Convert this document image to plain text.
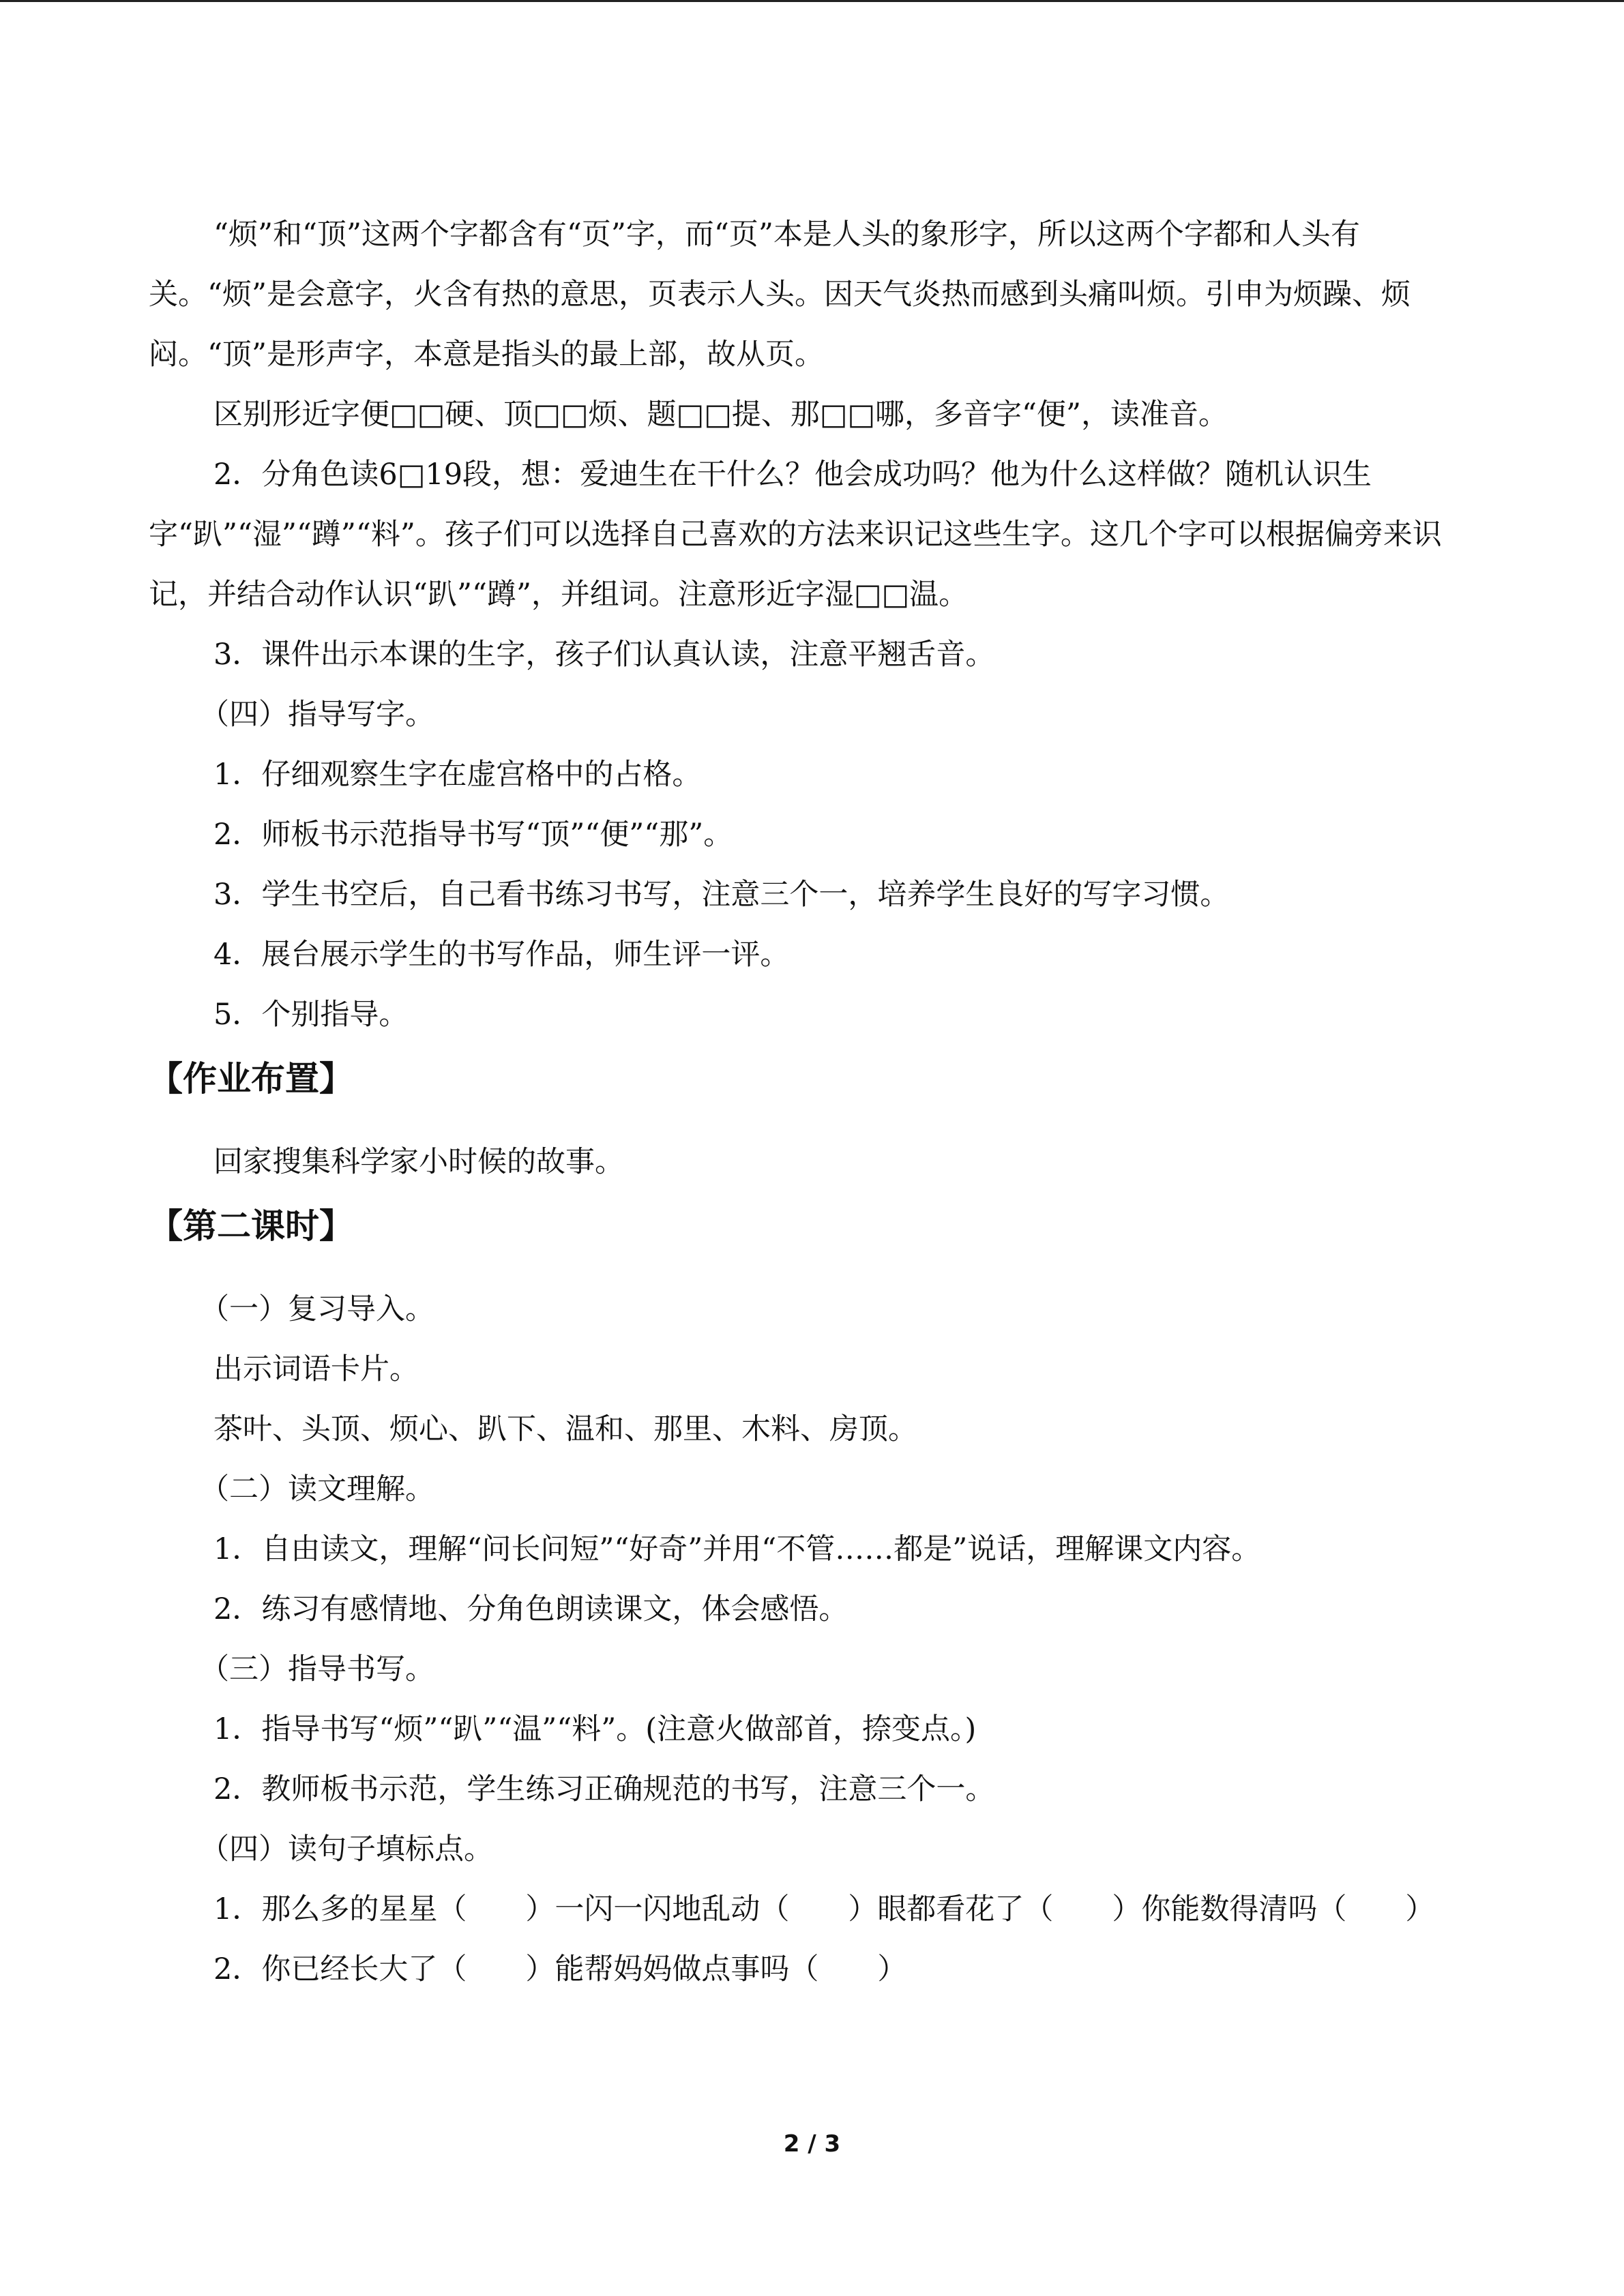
“烦”和“顶”这两个字都含有“页”字，而“页”本是人头的象形字，所以这两个字都和人头有关。“烦”是会意字，火含有热的意思，页表示人头。因天气炎热而感到头痛叫烦。引申为烦躁、烦闷。“顶”是形声字，本意是指头的最上部，故从页。

区别形近字便□□硬、顶□□烦、题□□提、那□□哪，多音字“便”，读准音。

2．分角色读6□19段，想：爱迪生在干什么？他会成功吗？他为什么这样做？随机认识生字“趴”“湿”“蹲”“料”。孩子们可以选择自己喜欢的方法来识记这些生字。这几个字可以根据偏旁来识记，并结合动作认识“趴”“蹲”，并组词。注意形近字湿□□温。

3．课件出示本课的生字，孩子们认真认读，注意平翘舌音。

（四）指导写字。

1．仔细观察生字在虚宫格中的占格。

2．师板书示范指导书写“顶”“便”“那”。

3．学生书空后，自己看书练习书写，注意三个一，培养学生良好的写字习惯。

4．展台展示学生的书写作品，师生评一评。

5．个别指导。

【作业布置】

回家搜集科学家小时候的故事。

【第二课时】

（一）复习导入。

出示词语卡片。

茶叶、头顶、烦心、趴下、温和、那里、木料、房顶。

（二）读文理解。

1．自由读文，理解“问长问短”“好奇”并用“不管……都是”说话，理解课文内容。

2．练习有感情地、分角色朗读课文，体会感悟。

（三）指导书写。

1．指导书写“烦”“趴”“温”“料”。(注意火做部首，捺变点。)

2．教师板书示范，学生练习正确规范的书写，注意三个一。

（四）读句子填标点。

1．那么多的星星（　　）一闪一闪地乱动（　　）眼都看花了（　　）你能数得清吗（　　）

2．你已经长大了（　　）能帮妈妈做点事吗（　　）

2 / 3
